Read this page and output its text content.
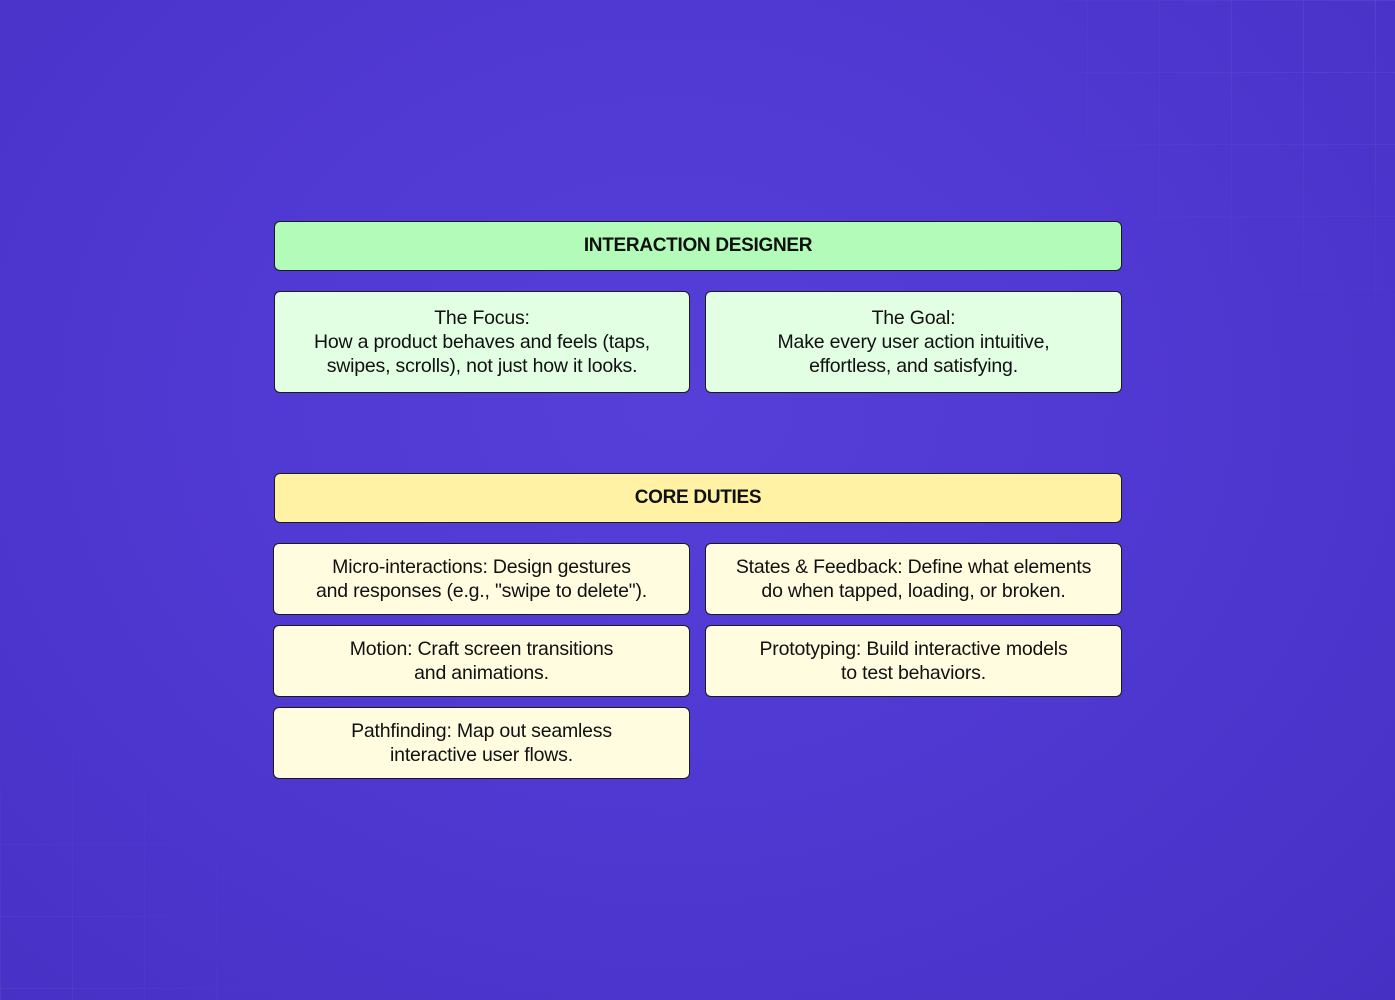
INTERACTION DESIGNER
The Focus:
How a product behaves and feels (taps,
swipes, scrolls), not just how it looks.
The Goal:
Make every user action intuitive,
effortless, and satisfying.
CORE DUTIES
Micro-interactions: Design gestures
and responses (e.g., "swipe to delete").
States & Feedback: Define what elements
do when tapped, loading, or broken.
Motion: Craft screen transitions
and animations.
Prototyping: Build interactive models
to test behaviors.
Pathfinding: Map out seamless
interactive user flows.
